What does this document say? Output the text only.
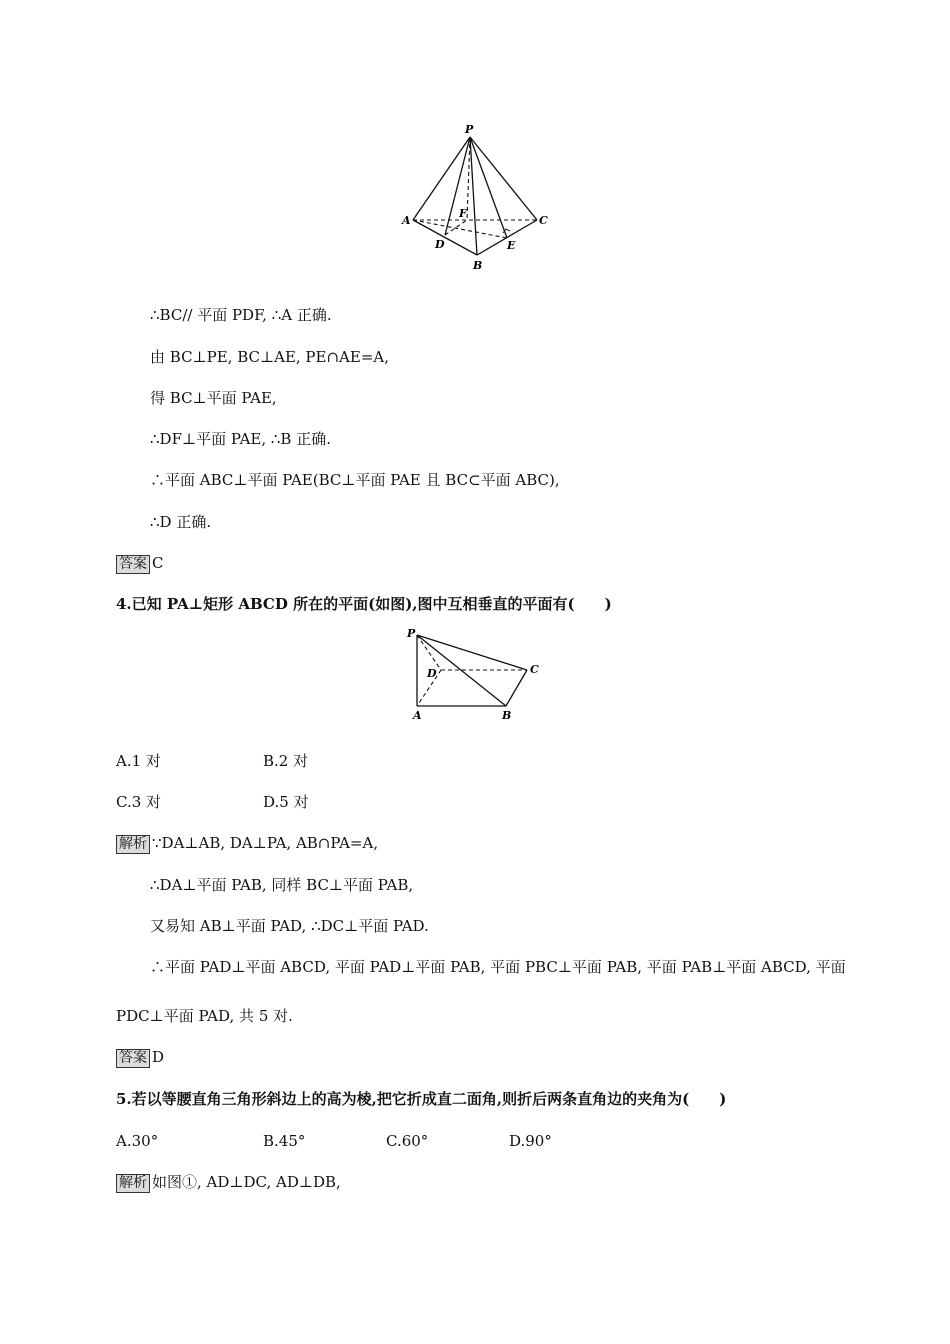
P
A	C
F
D	E
B
∴BC// 平面 PDF, ∴A 正确.
由 BC⊥PE, BC⊥AE, PE∩AE=A,
得 BC⊥平面 PAE,
∴DF⊥平面 PAE, ∴B 正确.
∴平面 ABC⊥平面 PAE(BC⊥平面 PAE 且 BC⊂平面 ABC),
∴D 正确.
答案 C
4.已知 PA⊥矩形 ABCD 所在的平面(如图),图中互相垂直的平面有(　　)
P
D	C
A	B
A.1 对	B.2 对
C.3 对	D.5 对
解析 ∵DA⊥AB, DA⊥PA, AB∩PA=A,
∴DA⊥平面 PAB, 同样 BC⊥平面 PAB,
又易知 AB⊥平面 PAD, ∴DC⊥平面 PAD.
∴平面 PAD⊥平面 ABCD, 平面 PAD⊥平面 PAB, 平面 PBC⊥平面 PAB, 平面 PAB⊥平面 ABCD, 平面
PDC⊥平面 PAD, 共 5 对.
答案 D
5.若以等腰直角三角形斜边上的高为棱,把它折成直二面角,则折后两条直角边的夹角为(　　)
A.30°	B.45°	C.60°	D.90°
解析 如图①, AD⊥DC, AD⊥DB,
